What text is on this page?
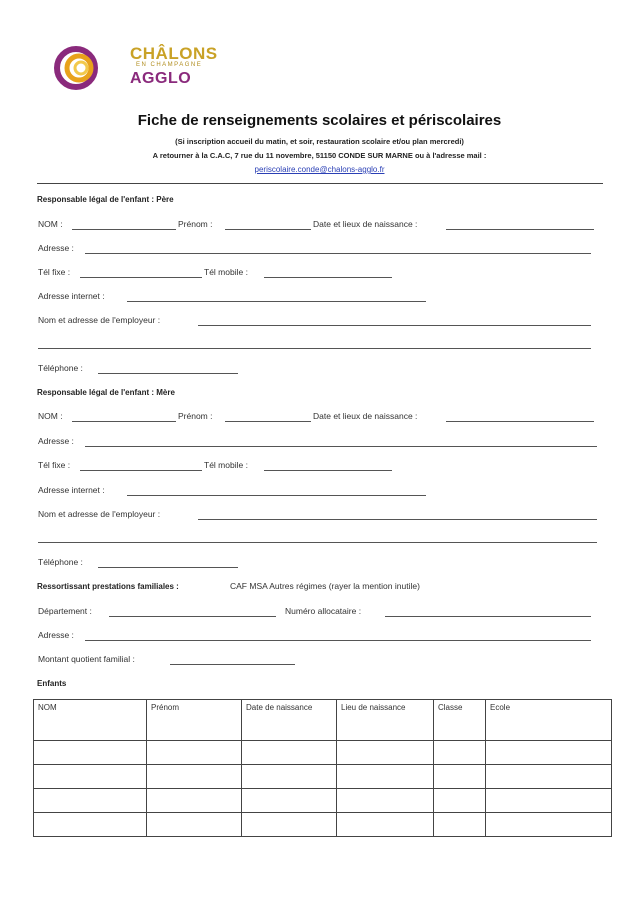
CHÂLONS
EN CHAMPAGNE
AGGLO
Fiche de renseignements scolaires et périscolaires
(Si inscription accueil du matin, et soir, restauration scolaire et/ou plan mercredi)
A retourner à la C.A.C, 7 rue du 11 novembre, 51150 CONDE SUR MARNE ou à l'adresse mail :
periscolaire.conde@chalons-agglo.fr
Responsable légal de l'enfant : Père
NOM :	Prénom :	Date et lieux de naissance :
Adresse :
Tél fixe :	Tél mobile :
Adresse internet :
Nom et adresse de l'employeur :
Téléphone :
Responsable légal de l'enfant : Mère
NOM :	Prénom :	Date et lieux de naissance :
Adresse :
Tél fixe :	Tél mobile :
Adresse internet :
Nom et adresse de l'employeur :
Téléphone :
Ressortissant prestations familiales :	CAF MSA Autres régimes (rayer la mention inutile)
Département :	Numéro allocataire :
Adresse :
Montant quotient familial :
Enfants
NOM	Prénom	Date de naissance	Lieu de naissance	Classe	Ecole
